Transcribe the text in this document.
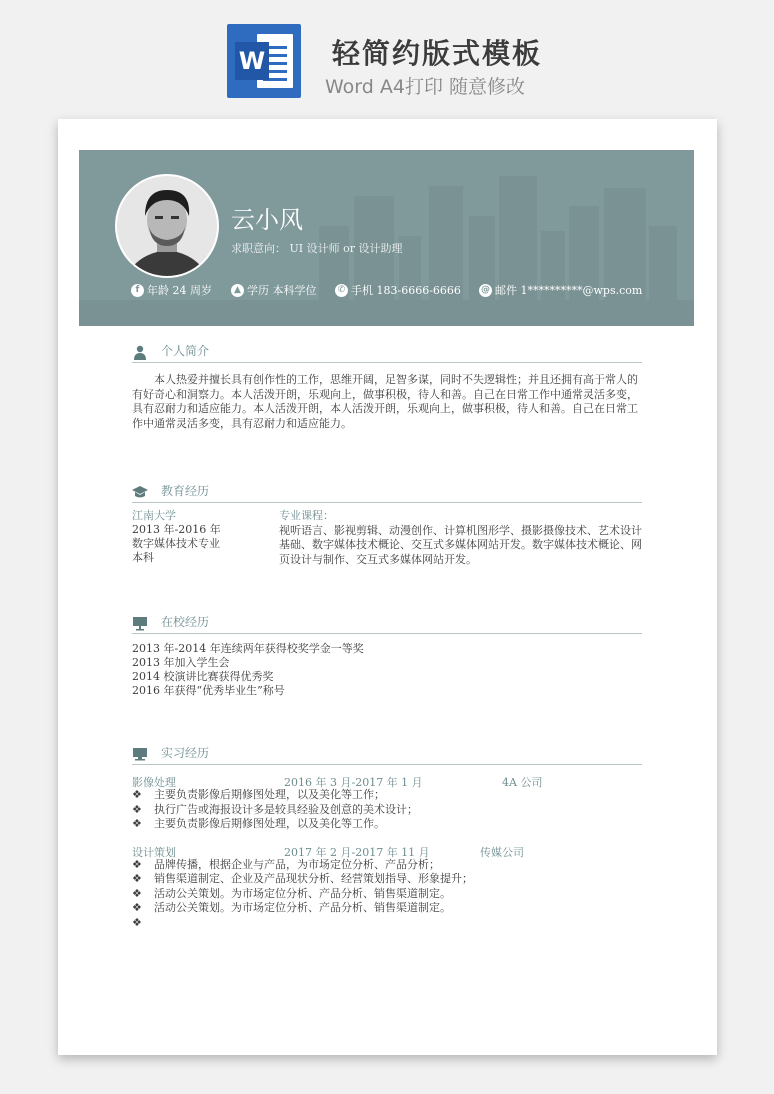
W 轻简约版式模板
Word A4打印 随意修改
云小风
求职意向： UI 设计师 or 设计助理
f 年龄 24 周岁	▲ 学历 本科学位	✆ 手机 183-6666-6666 @ 邮件 1**********@wps.com
个人简介

本人热爱并擅长具有创作性的工作，思维开阔，足智多谋，同时不失逻辑性；并且还拥有高于常人的有好奇心和洞察力。本人活泼开朗，乐观向上，做事积极，待人和善。自己在日常工作中通常灵活多变，具有忍耐力和适应能力。本人活泼开朗，本人活泼开朗，乐观向上，做事积极，待人和善。自己在日常工作中通常灵活多变，具有忍耐力和适应能力。

教育经历
江南大学
2013 年-2016 年
数字媒体技术专业
本科
专业课程：
视听语言、影视剪辑、动漫创作、计算机图形学、摄影摄像技术、艺术设计基础、数字媒体技术概论、交互式多媒体网站开发。数字媒体技术概论、网页设计与制作、交互式多媒体网站开发。
在校经历
2013 年-2014 年连续两年获得校奖学金一等奖
2013 年加入学生会
2014 校演讲比赛获得优秀奖
2016 年获得“优秀毕业生”称号
实习经历
影像处理	2016 年 3 月-2017 年 1 月	4A 公司
❖ 主要负责影像后期修图处理，以及美化等工作；
❖ 执行广告或海报设计多是较具经验及创意的美术设计；
❖ 主要负责影像后期修图处理，以及美化等工作。
设计策划	2017 年 2 月-2017 年 11 月	传媒公司
❖ 品牌传播，根据企业与产品，为市场定位分析、产品分析；
❖ 销售渠道制定、企业及产品现状分析、经营策划指导、形象提升；
❖ 活动公关策划。为市场定位分析、产品分析、销售渠道制定。
❖ 活动公关策划。为市场定位分析、产品分析、销售渠道制定。
❖
